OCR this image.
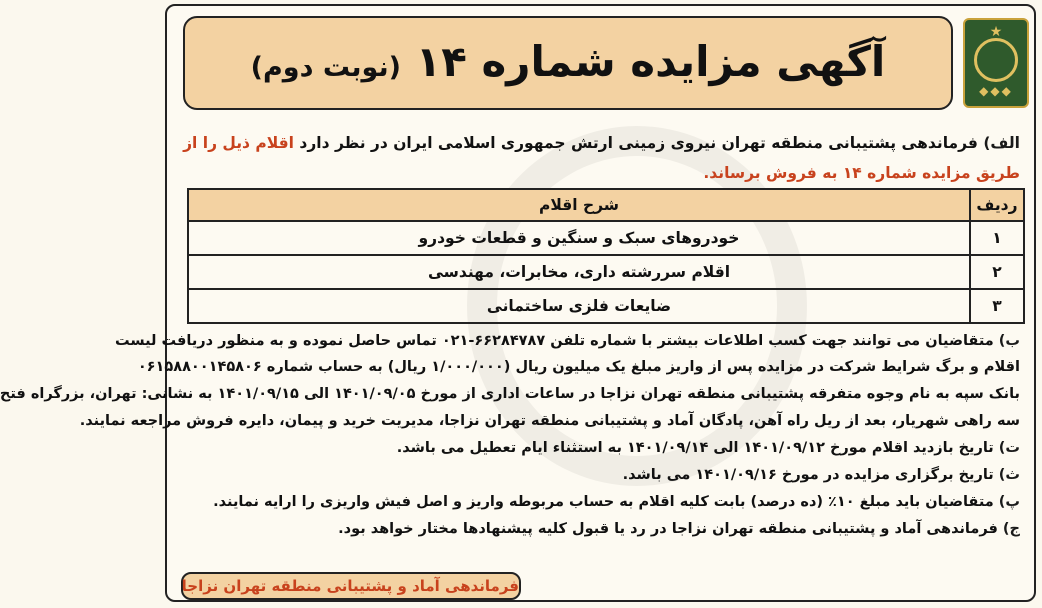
آگهی مزایده شماره ۱۴ (نوبت دوم)
★
◆◆◆
الف) فرماندهی پشتیبانی منطقه تهران نیروی زمینی ارتش جمهوری اسلامی ایران در نظر دارد اقلام ذیل را از طریق مزایده شماره ۱۴ به فروش برساند.
ردیف	شرح اقلام
۱	خودروهای سبک و سنگین و قطعات خودرو
۲	اقلام سررشته داری، مخابرات، مهندسی
۳	ضایعات فلزی ساختمانی
ب) متقاضیان می توانند جهت کسب اطلاعات بیشتر با شماره تلفن ۶۶۲۸۴۷۸۷-۰۲۱ تماس حاصل نموده و به منظور دریافت لیست
اقلام و برگ شرایط شرکت در مزایده پس از واریز مبلغ یک میلیون ریال (۱/۰۰۰/۰۰۰ ریال) به حساب شماره ۰۶۱۵۸۸۰۰۱۴۵۸۰۶
بانک سپه به نام وجوه متفرقه پشتیبانی منطقه تهران نزاجا در ساعات اداری از مورخ ۱۴۰۱/۰۹/۰۵ الی ۱۴۰۱/۰۹/۱۵ به نشانی: تهران، بزرگراه فتح
سه راهی شهریار، بعد از ریل راه آهن، پادگان آماد و پشتیبانی منطقه تهران نزاجا، مدیریت خرید و پیمان، دایره فروش مراجعه نمایند.
ت) تاریخ بازدید اقلام مورخ ۱۴۰۱/۰۹/۱۲ الی ۱۴۰۱/۰۹/۱۴ به استثناء ایام تعطیل می باشد.
ث) تاریخ برگزاری مزایده در مورخ ۱۴۰۱/۰۹/۱۶ می باشد.
پ) متقاضیان باید مبلغ ۱۰٪ (ده درصد) بابت کلیه اقلام به حساب مربوطه واریز و اصل فیش واریزی را ارایه نمایند.
ج) فرماندهی آماد و پشتیبانی منطقه تهران نزاجا در رد یا قبول کلیه پیشنهادها مختار خواهد بود.
فرماندهی آماد و پشتیبانی منطقه تهران نزاجا
